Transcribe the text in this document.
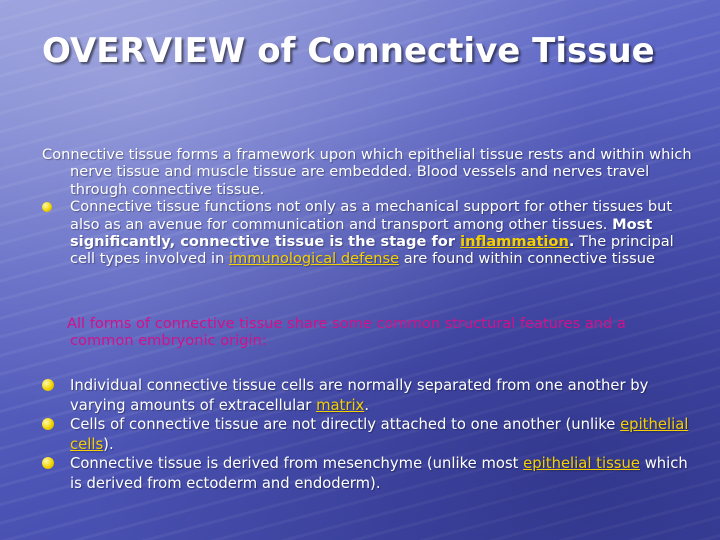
OVERVIEW of Connective Tissue

Connective tissue forms a framework upon which epithelial tissue rests and within which nerve tissue and muscle tissue are embedded. Blood vessels and nerves travel through connective tissue.

Connective tissue functions not only as a mechanical support for other tissues but also as an avenue for communication and transport among other tissues. Most significantly, connective tissue is the stage for inflammation. The principal cell types involved in immunological defense are found within connective tissue

All forms of connective tissue share some common structural features and a common embryonic origin:

Individual connective tissue cells are normally separated from one another by varying amounts of extracellular matrix.

Cells of connective tissue are not directly attached to one another (unlike epithelial cells).

Connective tissue is derived from mesenchyme (unlike most epithelial tissue which is derived from ectoderm and endoderm).
